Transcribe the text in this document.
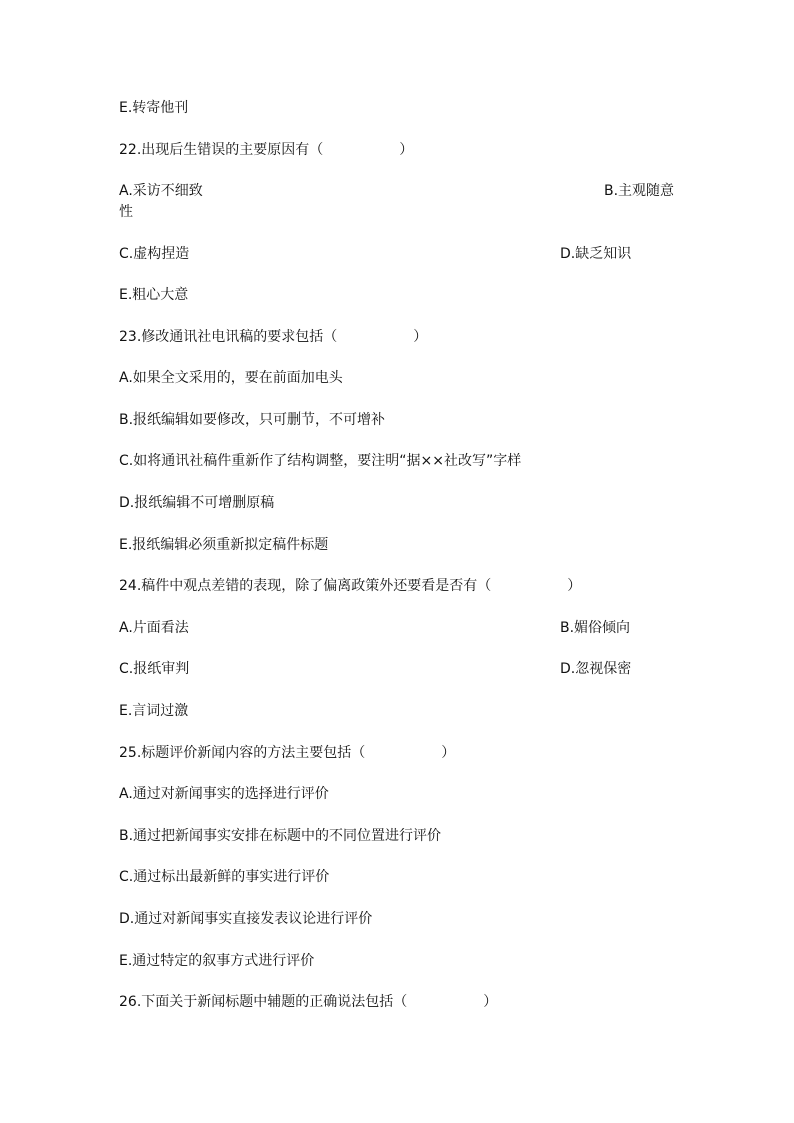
E.转寄他刊
22.出现后生错误的主要原因有（	）
A.采访不细致	B.主观随意
性
C.虚构捏造	D.缺乏知识
E.粗心大意
23.修改通讯社电讯稿的要求包括（	）
A.如果全文采用的，要在前面加电头
B.报纸编辑如要修改，只可删节，不可增补
C.如将通讯社稿件重新作了结构调整，要注明“据××社改写”字样
D.报纸编辑不可增删原稿
E.报纸编辑必须重新拟定稿件标题
24.稿件中观点差错的表现，除了偏离政策外还要看是否有（	）
A.片面看法	B.媚俗倾向
C.报纸审判	D.忽视保密
E.言词过激
25.标题评价新闻内容的方法主要包括（	）
A.通过对新闻事实的选择进行评价
B.通过把新闻事实安排在标题中的不同位置进行评价
C.通过标出最新鲜的事实进行评价
D.通过对新闻事实直接发表议论进行评价
E.通过特定的叙事方式进行评价
26.下面关于新闻标题中辅题的正确说法包括（	）
